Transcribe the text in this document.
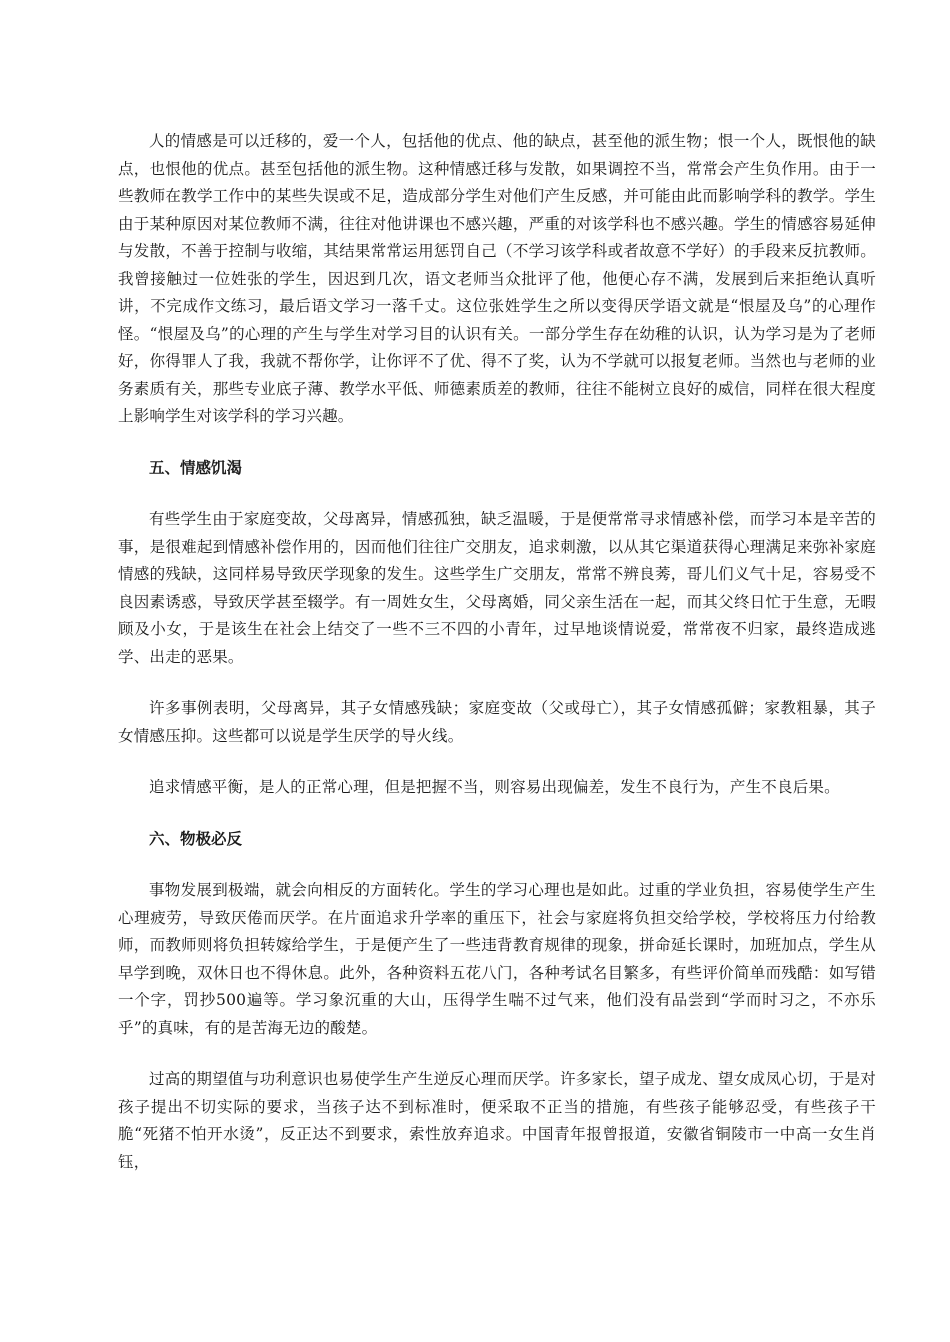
人的情感是可以迁移的，爱一个人，包括他的优点、他的缺点，甚至他的派生物；恨一个人，既恨他的缺点，也恨他的优点。甚至包括他的派生物。这种情感迁移与发散，如果调控不当，常常会产生负作用。由于一些教师在教学工作中的某些失误或不足，造成部分学生对他们产生反感，并可能由此而影响学科的教学。学生由于某种原因对某位教师不满，往往对他讲课也不感兴趣，严重的对该学科也不感兴趣。学生的情感容易延伸与发散，不善于控制与收缩，其结果常常运用惩罚自己（不学习该学科或者故意不学好）的手段来反抗教师。我曾接触过一位姓张的学生，因迟到几次，语文老师当众批评了他，他便心存不满，发展到后来拒绝认真听讲，不完成作文练习，最后语文学习一落千丈。这位张姓学生之所以变得厌学语文就是“恨屋及乌”的心理作怪。“恨屋及乌”的心理的产生与学生对学习目的认识有关。一部分学生存在幼稚的认识，认为学习是为了老师好，你得罪人了我，我就不帮你学，让你评不了优、得不了奖，认为不学就可以报复老师。当然也与老师的业务素质有关，那些专业底子薄、教学水平低、师德素质差的教师，往往不能树立良好的威信，同样在很大程度上影响学生对该学科的学习兴趣。

五、情感饥渴

有些学生由于家庭变故，父母离异，情感孤独，缺乏温暖，于是便常常寻求情感补偿，而学习本是辛苦的事，是很难起到情感补偿作用的，因而他们往往广交朋友，追求刺激，以从其它渠道获得心理满足来弥补家庭情感的残缺，这同样易导致厌学现象的发生。这些学生广交朋友，常常不辨良莠，哥儿们义气十足，容易受不良因素诱惑，导致厌学甚至辍学。有一周姓女生，父母离婚，同父亲生活在一起，而其父终日忙于生意，无暇顾及小女，于是该生在社会上结交了一些不三不四的小青年，过早地谈情说爱，常常夜不归家，最终造成逃学、出走的恶果。

许多事例表明，父母离异，其子女情感残缺；家庭变故（父或母亡），其子女情感孤僻；家教粗暴，其子女情感压抑。这些都可以说是学生厌学的导火线。

追求情感平衡，是人的正常心理，但是把握不当，则容易出现偏差，发生不良行为，产生不良后果。

六、物极必反

事物发展到极端，就会向相反的方面转化。学生的学习心理也是如此。过重的学业负担，容易使学生产生心理疲劳，导致厌倦而厌学。在片面追求升学率的重压下，社会与家庭将负担交给学校，学校将压力付给教师，而教师则将负担转嫁给学生，于是便产生了一些违背教育规律的现象，拼命延长课时，加班加点，学生从早学到晚，双休日也不得休息。此外，各种资料五花八门，各种考试名目繁多，有些评价简单而残酷：如写错一个字，罚抄500遍等。学习象沉重的大山，压得学生喘不过气来，他们没有品尝到“学而时习之，不亦乐乎”的真味，有的是苦海无边的酸楚。

过高的期望值与功利意识也易使学生产生逆反心理而厌学。许多家长，望子成龙、望女成凤心切，于是对孩子提出不切实际的要求，当孩子达不到标准时，便采取不正当的措施，有些孩子能够忍受，有些孩子干脆“死猪不怕开水烫”，反正达不到要求，索性放弃追求。中国青年报曾报道，安徽省铜陵市一中高一女生肖钰，
